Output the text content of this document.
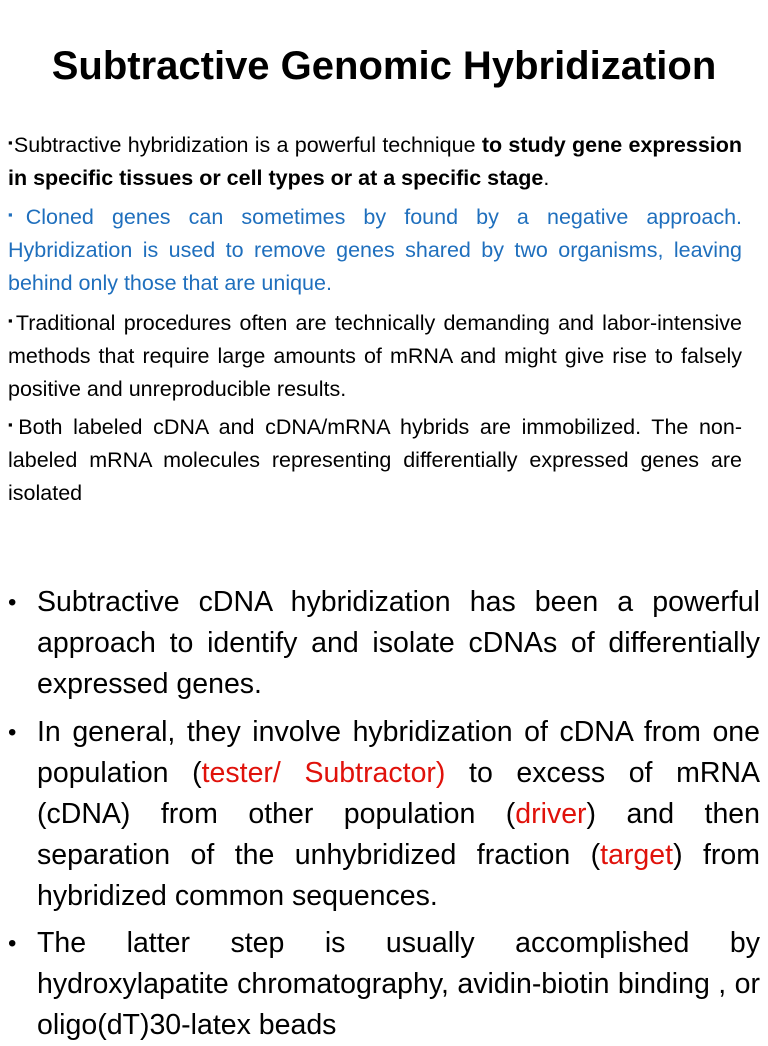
Subtractive Genomic Hybridization
▪Subtractive hybridization is a powerful technique to study gene expression in specific tissues or cell types or at a specific stage.
▪Cloned genes can sometimes by found by a negative approach. Hybridization is used to remove genes shared by two organisms, leaving behind only those that are unique.
▪Traditional procedures often are technically demanding and labor-intensive methods that require large amounts of mRNA and might give rise to falsely positive and unreproducible results.
▪Both labeled cDNA and cDNA/mRNA hybrids are immobilized. The non-labeled mRNA molecules representing differentially expressed genes are isolated
• Subtractive cDNA hybridization has been a powerful approach to identify and isolate cDNAs of differentially expressed genes.
• In general, they involve hybridization of cDNA from one population (tester/ Subtractor) to excess of mRNA (cDNA) from other population (driver) and then separation of the unhybridized fraction (target) from hybridized common sequences.
• The latter step is usually accomplished by hydroxylapatite chromatography, avidin-biotin binding , or oligo(dT)30-latex beads
